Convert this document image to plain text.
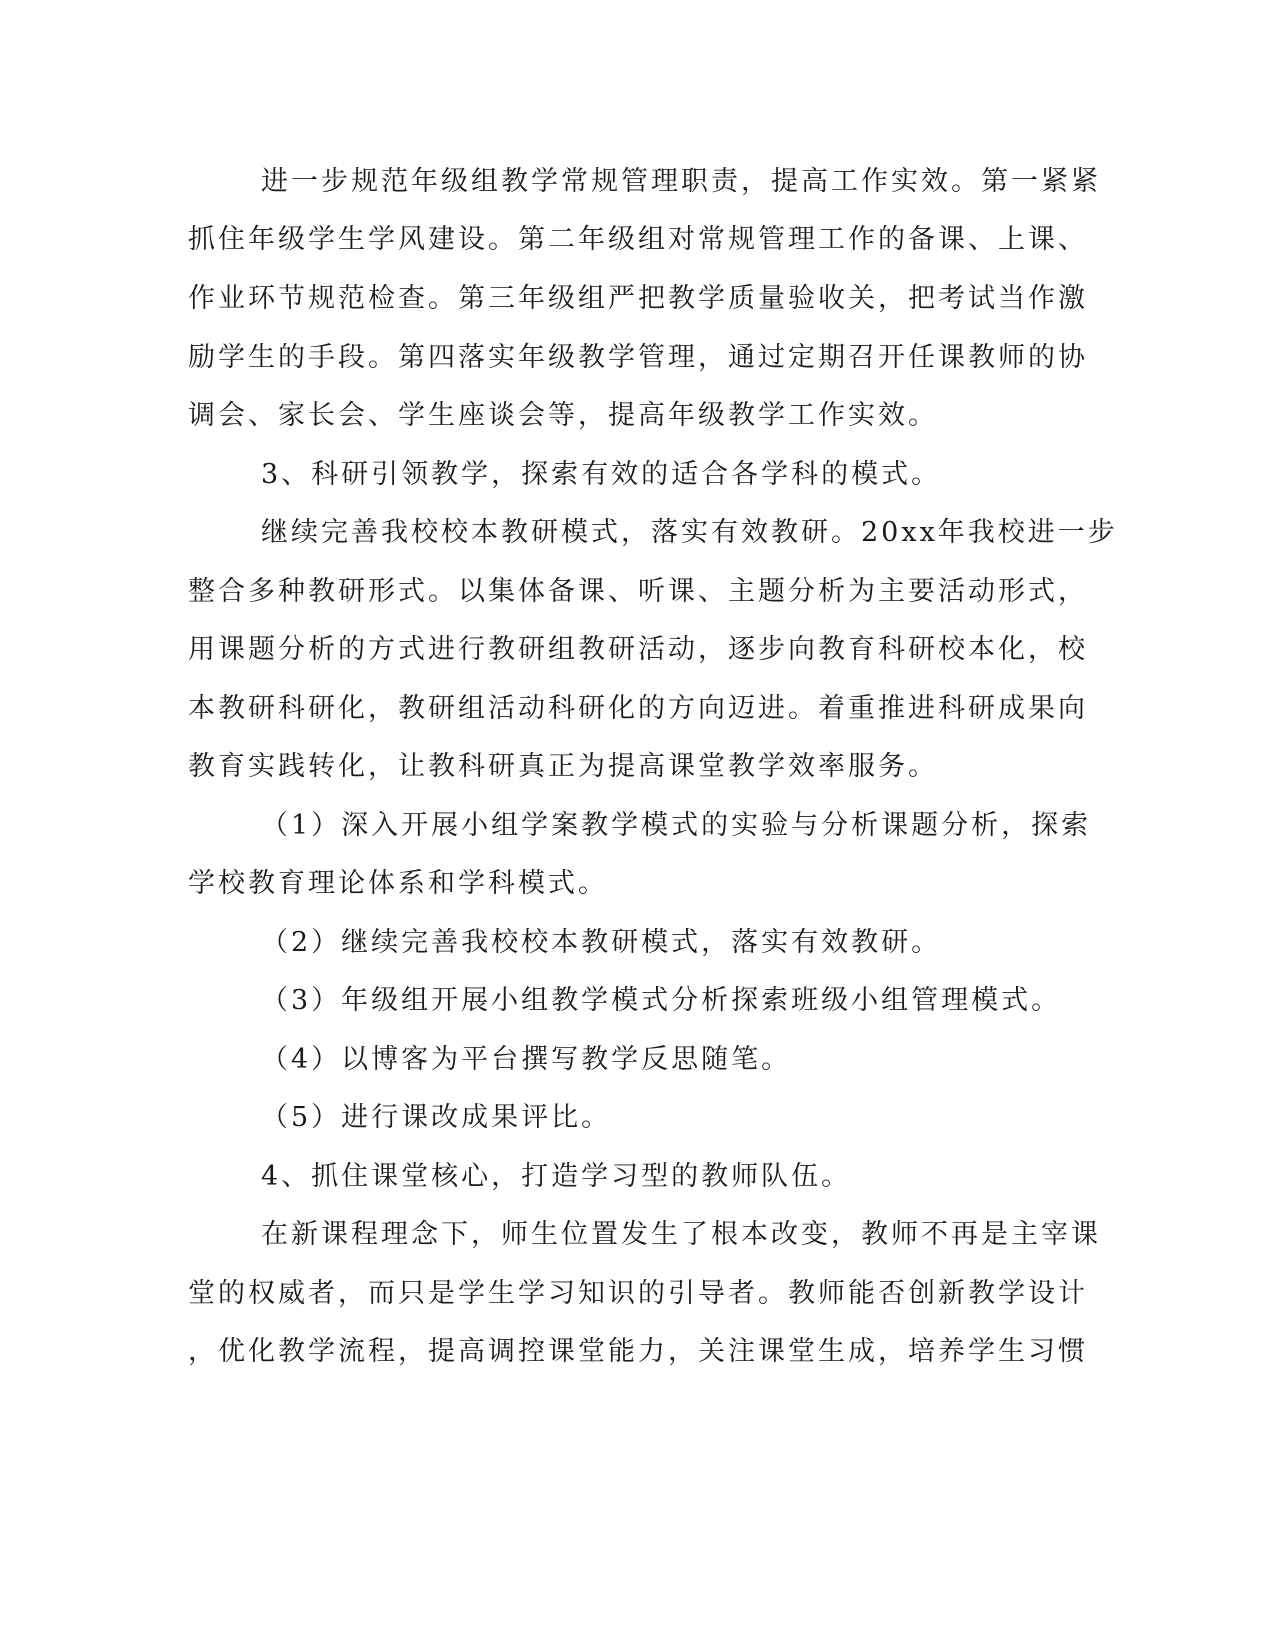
进一步规范年级组教学常规管理职责，提高工作实效。第一紧紧
抓住年级学生学风建设。第二年级组对常规管理工作的备课、上课、
作业环节规范检查。第三年级组严把教学质量验收关，把考试当作激
励学生的手段。第四落实年级教学管理，通过定期召开任课教师的协
调会、家长会、学生座谈会等，提高年级教学工作实效。
3、科研引领教学，探索有效的适合各学科的模式。
继续完善我校校本教研模式，落实有效教研。20xx年我校进一步
整合多种教研形式。以集体备课、听课、主题分析为主要活动形式，
用课题分析的方式进行教研组教研活动，逐步向教育科研校本化，校
本教研科研化，教研组活动科研化的方向迈进。着重推进科研成果向
教育实践转化，让教科研真正为提高课堂教学效率服务。
（1）深入开展小组学案教学模式的实验与分析课题分析，探索
学校教育理论体系和学科模式。
（2）继续完善我校校本教研模式，落实有效教研。
（3）年级组开展小组教学模式分析探索班级小组管理模式。
（4）以博客为平台撰写教学反思随笔。
（5）进行课改成果评比。
4、抓住课堂核心，打造学习型的教师队伍。
在新课程理念下，师生位置发生了根本改变，教师不再是主宰课
堂的权威者，而只是学生学习知识的引导者。教师能否创新教学设计
，优化教学流程，提高调控课堂能力，关注课堂生成，培养学生习惯
